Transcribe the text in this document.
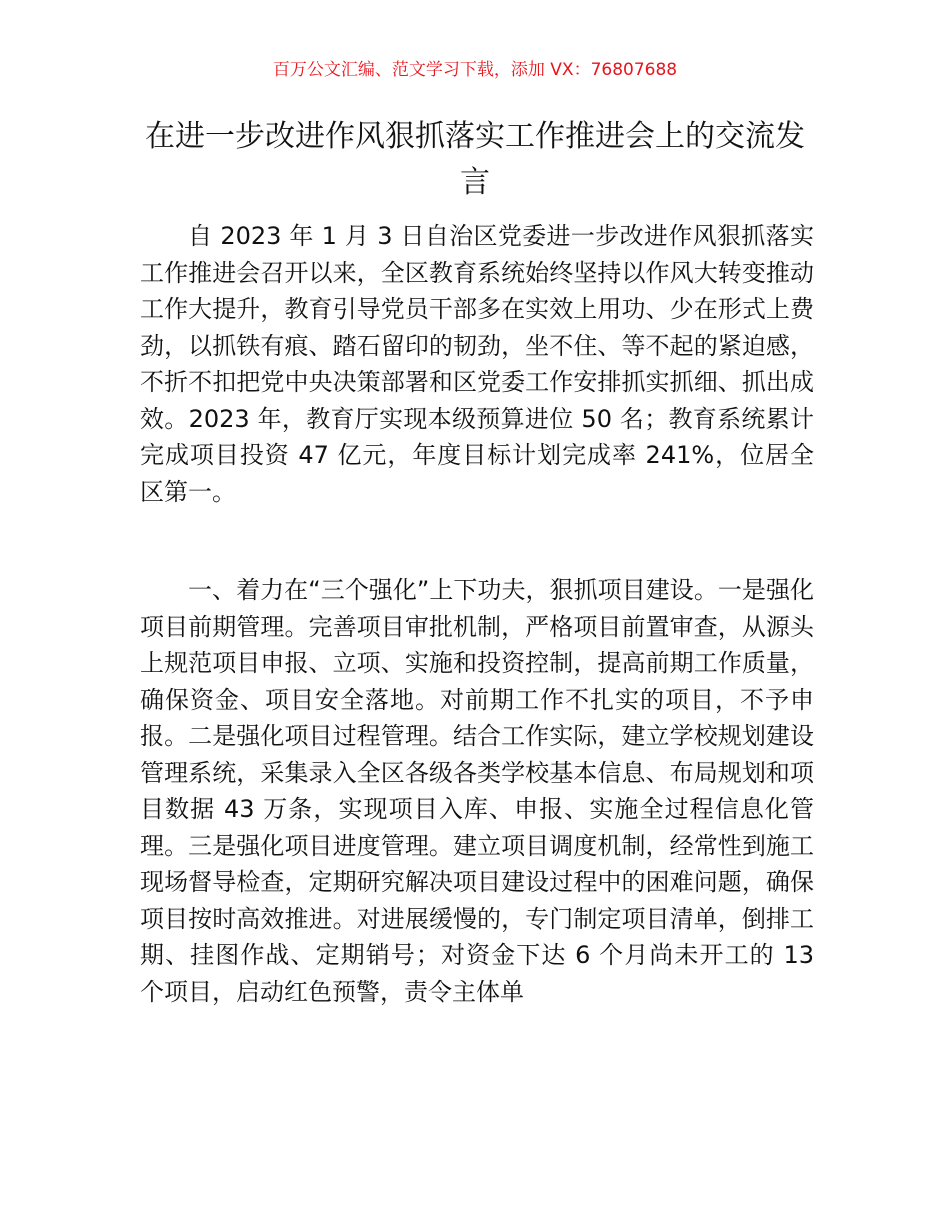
百万公文汇编、范文学习下载，添加 VX：76807688
在进一步改进作风狠抓落实工作推进会上的交流发言

自 2023 年 1 月 3 日自治区党委进一步改进作风狠抓落实工作推进会召开以来，全区教育系统始终坚持以作风大转变推动工作大提升，教育引导党员干部多在实效上用功、少在形式上费劲，以抓铁有痕、踏石留印的韧劲，坐不住、等不起的紧迫感，不折不扣把党中央决策部署和区党委工作安排抓实抓细、抓出成效。2023 年，教育厅实现本级预算进位 50 名；教育系统累计完成项目投资 47 亿元，年度目标计划完成率 241%，位居全区第一。

一、着力在“三个强化”上下功夫，狠抓项目建设。一是强化项目前期管理。完善项目审批机制，严格项目前置审查，从源头上规范项目申报、立项、实施和投资控制，提高前期工作质量，确保资金、项目安全落地。对前期工作不扎实的项目，不予申报。二是强化项目过程管理。结合工作实际，建立学校规划建设管理系统，采集录入全区各级各类学校基本信息、布局规划和项目数据 43 万条，实现项目入库、申报、实施全过程信息化管理。三是强化项目进度管理。建立项目调度机制，经常性到施工现场督导检查，定期研究解决项目建设过程中的困难问题，确保项目按时高效推进。对进展缓慢的，专门制定项目清单，倒排工期、挂图作战、定期销号；对资金下达 6 个月尚未开工的 13 个项目，启动红色预警，责令主体单
